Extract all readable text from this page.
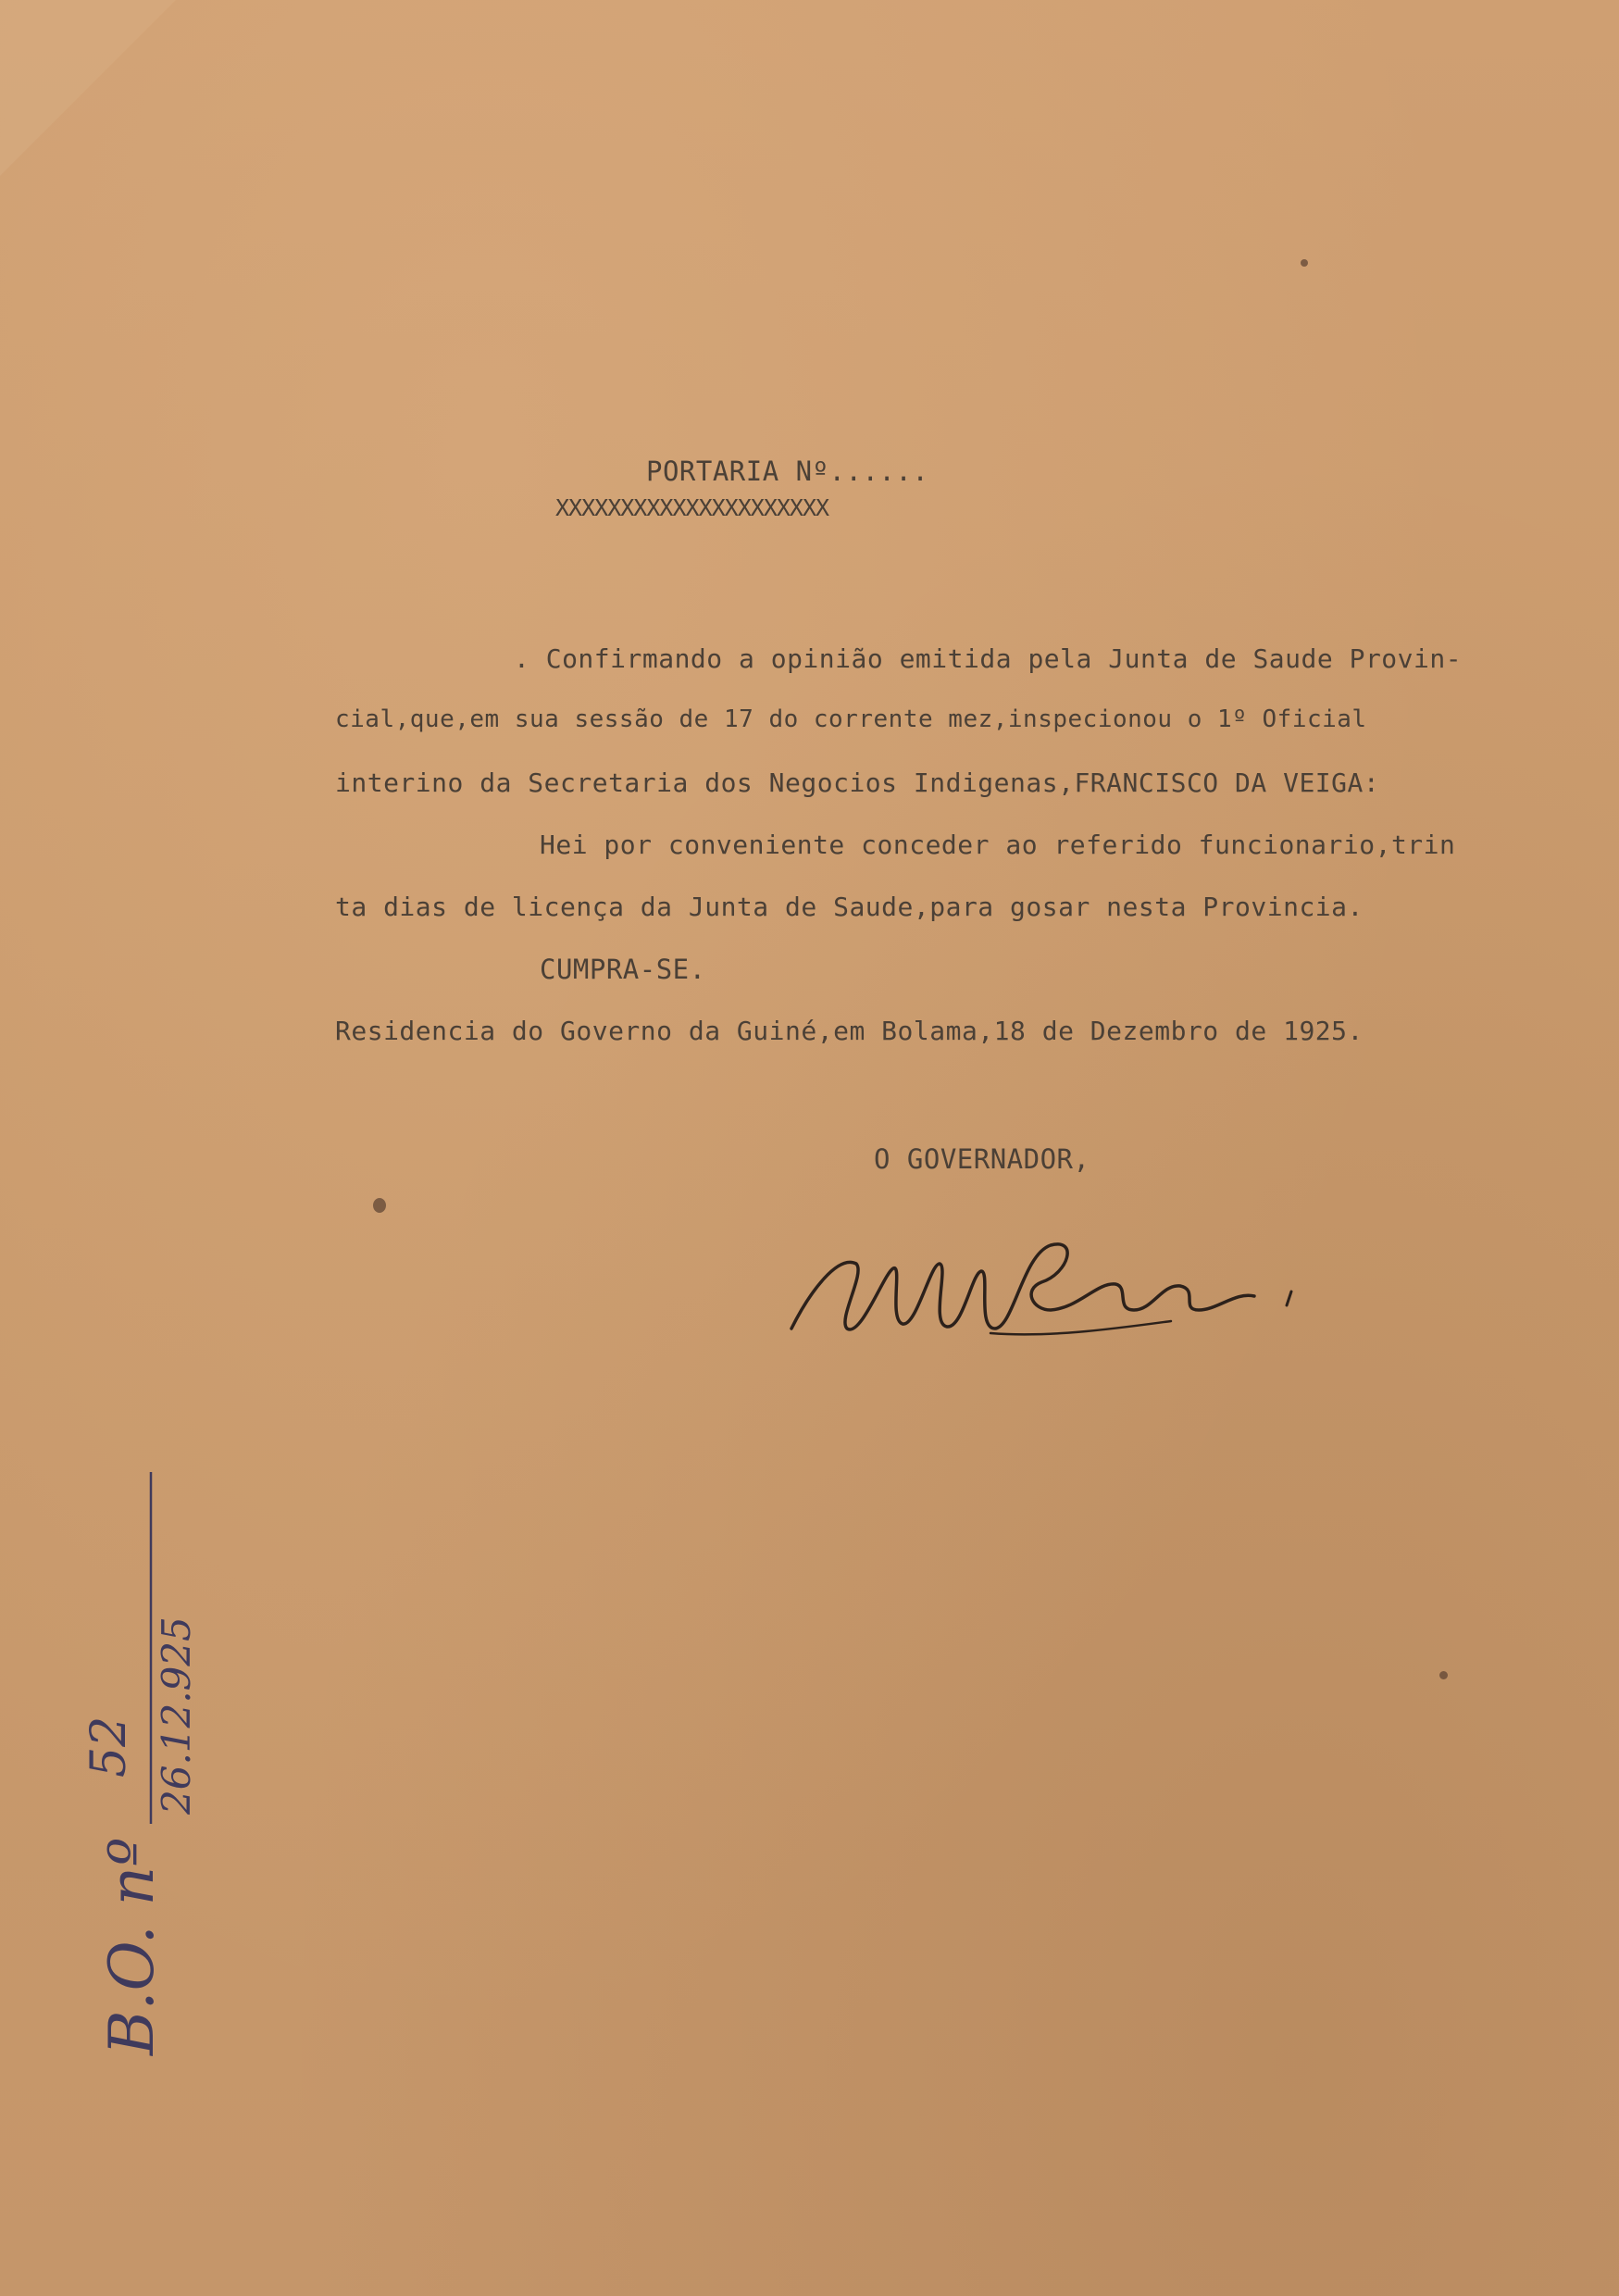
PORTARIA Nº......
XXXXXXXXXXXXXXXXXXXXX
. Confirmando a opinião emitida pela Junta de Saude Provin-
cial,que,em sua sessão de 17 do corrente mez,inspecionou o 1º Oficial
interino da Secretaria dos Negocios Indigenas,FRANCISCO DA VEIGA:
Hei por conveniente conceder ao referido funcionario,trin
ta dias de licença da Junta de Saude,para gosar nesta Provincia.
CUMPRA-SE.
Residencia do Governo da Guiné,em Bolama,18 de Dezembro de 1925.
O GOVERNADOR,
B.O. nº
52 26.12.925
